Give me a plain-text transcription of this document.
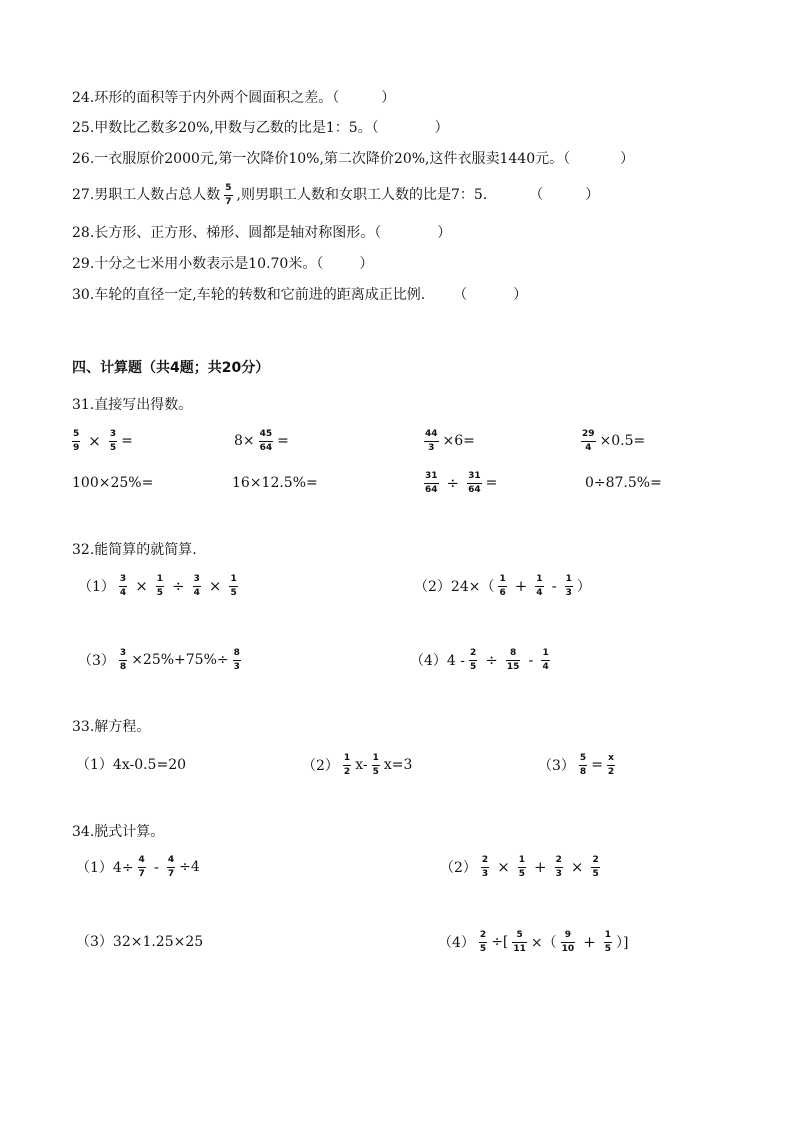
24.环形的面积等于内外两个圆面积之差。（	）
25.甲数比乙数多20%,甲数与乙数的比是1：5。（	）
26.一衣服原价2000元,第一次降价10%,第二次降价20%,这件衣服卖1440元。（	）
27.男职工人数占总人数 $\frac{5}{7}$ ,则男职工人数和女职工人数的比是7：5.	（	）
28.长方形、正方形、梯形、圆都是轴对称图形。（	）
29.十分之七米用小数表示是10.70米。（	）
30.车轮的直径一定,车轮的转数和它前进的距离成正比例. （	）
四、计算题（共4题；共20分）
31.直接写出得数。
$\frac{5}{9} \times \frac{3}{5}$ =	$8\times \frac{45}{64}$ =	$\frac{44}{3} \times 6=$	$\frac{29}{4} \times 0.5=$
100×25%=	16×12.5%=	$\frac{31}{64} \div \frac{31}{64}$ =	0÷87.5%=
32.能简算的就简算.
$(1) \frac{3}{4} \times \frac{1}{5} \div \frac{3}{4} \times \frac{1}{5}$	$(2)24\times( \frac{1}{6} + \frac{1}{4} - \frac{1}{3}$ ）
$(3) \frac{3}{8} \times 25\%+75\%\div \frac{8}{3}$	$(4)4 - \frac{2}{5} \div \frac{8}{15} - \frac{1}{4}$
33.解方程。
（1）4x-0.5=20	$(2) \frac{1}{2} x- \frac{1}{5} x=3$	$(3) \frac{5}{8} = \frac{x}{2}$
34.脱式计算。
$(1)4\div \frac{4}{7} - \frac{4}{7} \div 4$	$(2) \frac{2}{3} \times \frac{1}{5} + \frac{2}{3} \times \frac{2}{5}$
（3）32×1.25×25	$(4) \frac{2}{5}$ ÷[ $\frac{5}{11}$ ×（ $\frac{9}{10} + \frac{1}{5}$ ）]
